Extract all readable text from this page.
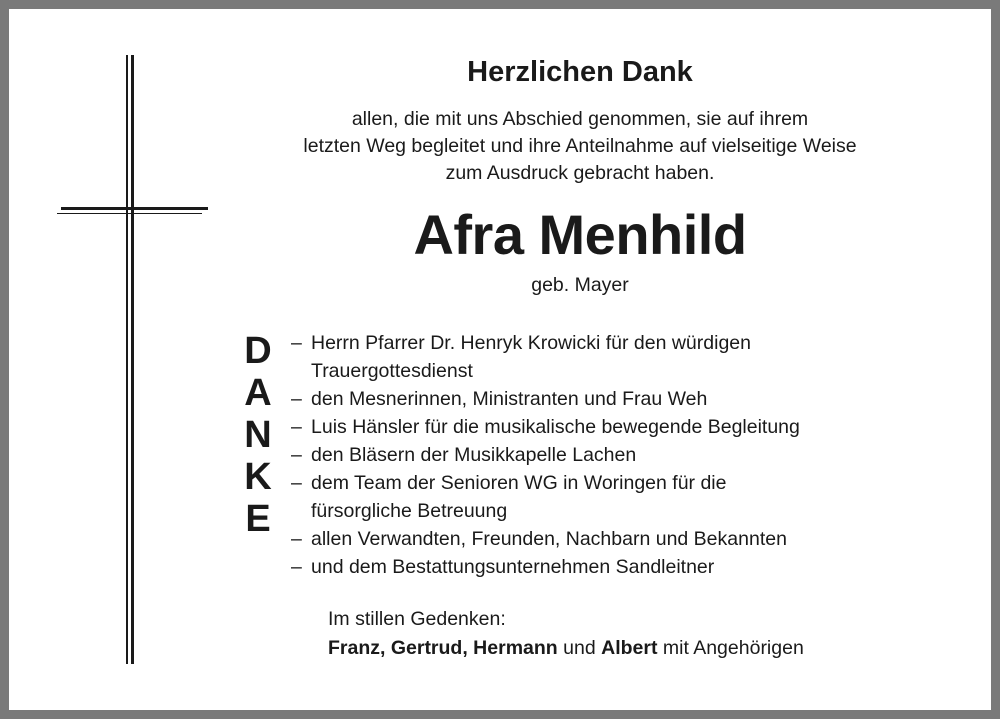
Herzlichen Dank
allen, die mit uns Abschied genommen, sie auf ihrem
letzten Weg begleitet und ihre Anteilnahme auf vielseitige Weise
zum Ausdruck gebracht haben.
Afra Menhild
geb. Mayer
D
A
N
K
E
– Herrn Pfarrer Dr. Henryk Krowicki für den würdigen
Trauergottesdienst
– den Mesnerinnen, Ministranten und Frau Weh
– Luis Hänsler für die musikalische bewegende Begleitung
– den Bläsern der Musikkapelle Lachen
– dem Team der Senioren WG in Woringen für die
fürsorgliche Betreuung
– allen Verwandten, Freunden, Nachbarn und Bekannten
– und dem Bestattungsunternehmen Sandleitner
Im stillen Gedenken:
Franz, Gertrud, Hermann und Albert mit Angehörigen
